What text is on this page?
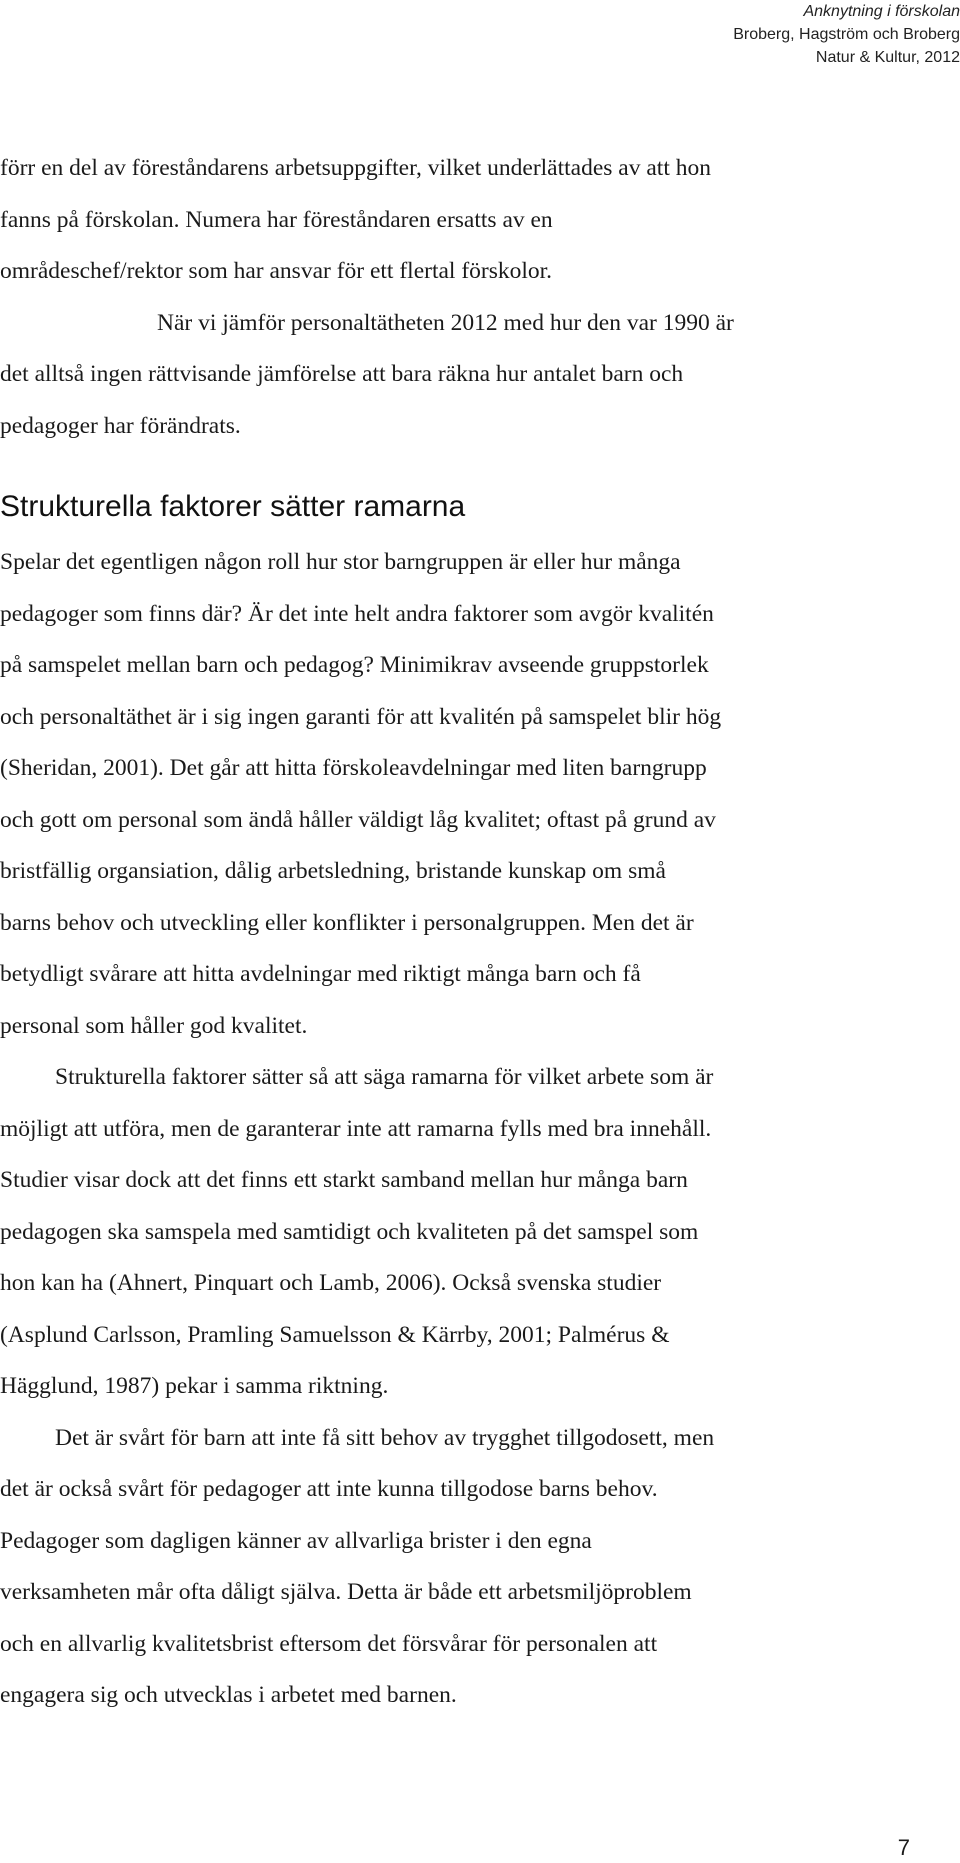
Anknytning i förskolan
Broberg, Hagström och Broberg
Natur & Kultur, 2012

förr en del av föreståndarens arbetsuppgifter, vilket underlättades av att hon
fanns på förskolan. Numera har föreståndaren ersatts av en
områdeschef/rektor som har ansvar för ett flertal förskolor.

När vi jämför personaltätheten 2012 med hur den var 1990 är
det alltså ingen rättvisande jämförelse att bara räkna hur antalet barn och
pedagoger har förändrats.

Strukturella faktorer sätter ramarna

Spelar det egentligen någon roll hur stor barngruppen är eller hur många
pedagoger som finns där? Är det inte helt andra faktorer som avgör kvalitén
på samspelet mellan barn och pedagog? Minimikrav avseende gruppstorlek
och personaltäthet är i sig ingen garanti för att kvalitén på samspelet blir hög
(Sheridan, 2001). Det går att hitta förskoleavdelningar med liten barngrupp
och gott om personal som ändå håller väldigt låg kvalitet; oftast på grund av
bristfällig organsiation, dålig arbetsledning, bristande kunskap om små
barns behov och utveckling eller konflikter i personalgruppen. Men det är
betydligt svårare att hitta avdelningar med riktigt många barn och få
personal som håller god kvalitet.

Strukturella faktorer sätter så att säga ramarna för vilket arbete som är
möjligt att utföra, men de garanterar inte att ramarna fylls med bra innehåll.
Studier visar dock att det finns ett starkt samband mellan hur många barn
pedagogen ska samspela med samtidigt och kvaliteten på det samspel som
hon kan ha (Ahnert, Pinquart och Lamb, 2006). Också svenska studier
(Asplund Carlsson, Pramling Samuelsson & Kärrby, 2001; Palmérus &
Hägglund, 1987) pekar i samma riktning.

Det är svårt för barn att inte få sitt behov av trygghet tillgodosett, men
det är också svårt för pedagoger att inte kunna tillgodose barns behov.
Pedagoger som dagligen känner av allvarliga brister i den egna
verksamheten mår ofta dåligt själva. Detta är både ett arbetsmiljöproblem
och en allvarlig kvalitetsbrist eftersom det försvårar för personalen att
engagera sig och utvecklas i arbetet med barnen.

7
